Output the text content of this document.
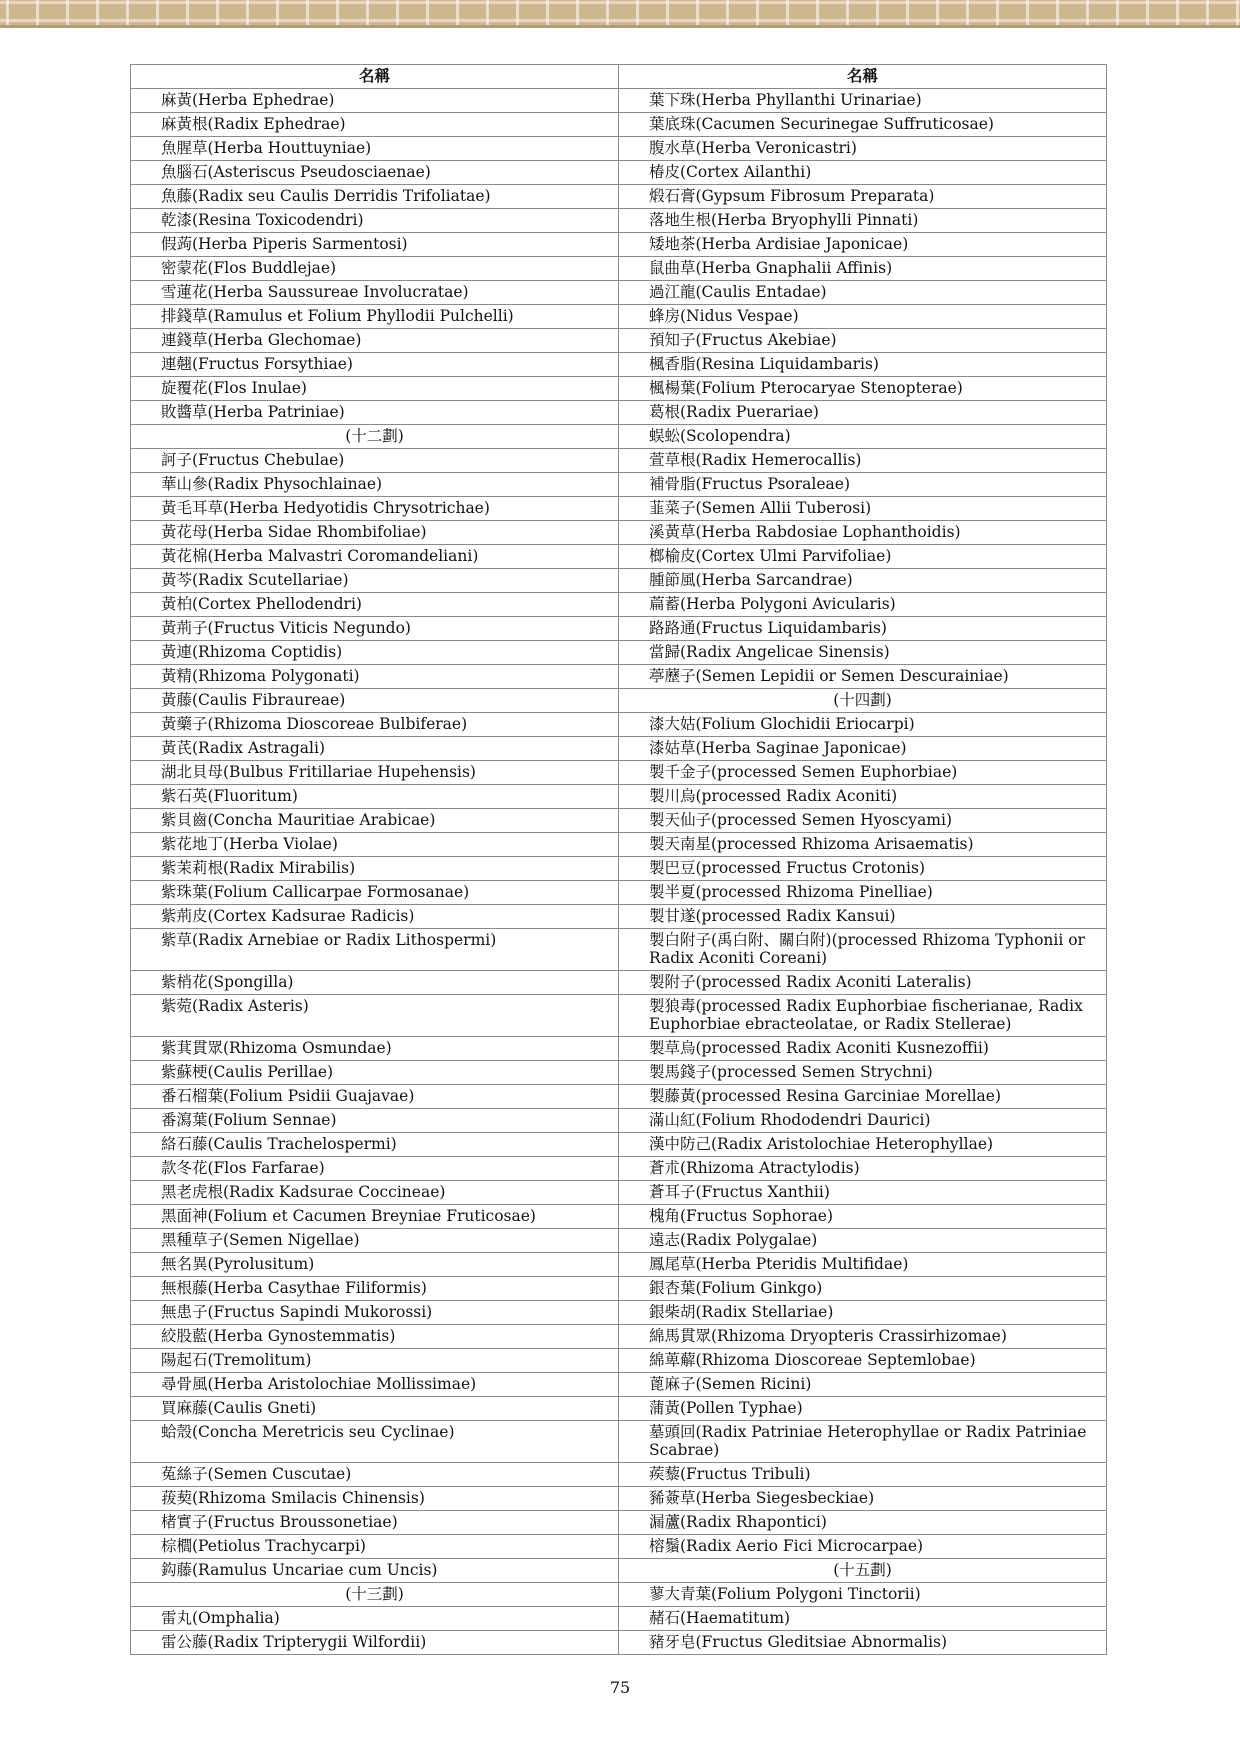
名稱	名稱
麻黃(Herba Ephedrae)	葉下珠(Herba Phyllanthi Urinariae)
麻黃根(Radix Ephedrae)	葉底珠(Cacumen Securinegae Suffruticosae)
魚腥草(Herba Houttuyniae)	腹水草(Herba Veronicastri)
魚腦石(Asteriscus Pseudosciaenae)	椿皮(Cortex Ailanthi)
魚藤(Radix seu Caulis Derridis Trifoliatae)	煅石膏(Gypsum Fibrosum Preparata)
乾漆(Resina Toxicodendri)	落地生根(Herba Bryophylli Pinnati)
假蒟(Herba Piperis Sarmentosi)	矮地茶(Herba Ardisiae Japonicae)
密蒙花(Flos Buddlejae)	鼠曲草(Herba Gnaphalii Affinis)
雪蓮花(Herba Saussureae Involucratae)	過江龍(Caulis Entadae)
排錢草(Ramulus et Folium Phyllodii Pulchelli)	蜂房(Nidus Vespae)
連錢草(Herba Glechomae)	預知子(Fructus Akebiae)
連翹(Fructus Forsythiae)	楓香脂(Resina Liquidambaris)
旋覆花(Flos Inulae)	楓楊葉(Folium Pterocaryae Stenopterae)
敗醬草(Herba Patriniae)	葛根(Radix Puerariae)
(十二劃)	蜈蚣(Scolopendra)
訶子(Fructus Chebulae)	萱草根(Radix Hemerocallis)
華山參(Radix Physochlainae)	補骨脂(Fructus Psoraleae)
黃毛耳草(Herba Hedyotidis Chrysotrichae)	韮菜子(Semen Allii Tuberosi)
黃花母(Herba Sidae Rhombifoliae)	溪黃草(Herba Rabdosiae Lophanthoidis)
黃花棉(Herba Malvastri Coromandeliani)	榔榆皮(Cortex Ulmi Parvifoliae)
黃芩(Radix Scutellariae)	腫節風(Herba Sarcandrae)
黃柏(Cortex Phellodendri)	萹蓄(Herba Polygoni Avicularis)
黃荊子(Fructus Viticis Negundo)	路路通(Fructus Liquidambaris)
黃連(Rhizoma Coptidis)	當歸(Radix Angelicae Sinensis)
黃精(Rhizoma Polygonati)	葶藶子(Semen Lepidii or Semen Descurainiae)
黃藤(Caulis Fibraureae)	(十四劃)
黃藥子(Rhizoma Dioscoreae Bulbiferae)	漆大姑(Folium Glochidii Eriocarpi)
黃芪(Radix Astragali)	漆姑草(Herba Saginae Japonicae)
湖北貝母(Bulbus Fritillariae Hupehensis)	製千金子(processed Semen Euphorbiae)
紫石英(Fluoritum)	製川烏(processed Radix Aconiti)
紫貝齒(Concha Mauritiae Arabicae)	製天仙子(processed Semen Hyoscyami)
紫花地丁(Herba Violae)	製天南星(processed Rhizoma Arisaematis)
紫茉莉根(Radix Mirabilis)	製巴豆(processed Fructus Crotonis)
紫珠葉(Folium Callicarpae Formosanae)	製半夏(processed Rhizoma Pinelliae)
紫荊皮(Cortex Kadsurae Radicis)	製甘遂(processed Radix Kansui)
紫草(Radix Arnebiae or Radix Lithospermi)	製白附子(禹白附、關白附)(processed Rhizoma Typhonii or Radix Aconiti Coreani)
紫梢花(Spongilla)	製附子(processed Radix Aconiti Lateralis)
紫菀(Radix Asteris)	製狼毒(processed Radix Euphorbiae fischerianae, Radix Euphorbiae ebracteolatae, or Radix Stellerae)
紫萁貫眾(Rhizoma Osmundae)	製草烏(processed Radix Aconiti Kusnezoffii)
紫蘇梗(Caulis Perillae)	製馬錢子(processed Semen Strychni)
番石榴葉(Folium Psidii Guajavae)	製藤黃(processed Resina Garciniae Morellae)
番瀉葉(Folium Sennae)	滿山紅(Folium Rhododendri Daurici)
絡石藤(Caulis Trachelospermi)	漢中防己(Radix Aristolochiae Heterophyllae)
款冬花(Flos Farfarae)	蒼朮(Rhizoma Atractylodis)
黑老虎根(Radix Kadsurae Coccineae)	蒼耳子(Fructus Xanthii)
黑面神(Folium et Cacumen Breyniae Fruticosae)	槐角(Fructus Sophorae)
黑種草子(Semen Nigellae)	遠志(Radix Polygalae)
無名異(Pyrolusitum)	鳳尾草(Herba Pteridis Multifidae)
無根藤(Herba Casythae Filiformis)	銀杏葉(Folium Ginkgo)
無患子(Fructus Sapindi Mukorossi)	銀柴胡(Radix Stellariae)
絞股藍(Herba Gynostemmatis)	綿馬貫眾(Rhizoma Dryopteris Crassirhizomae)
陽起石(Tremolitum)	綿萆薢(Rhizoma Dioscoreae Septemlobae)
尋骨風(Herba Aristolochiae Mollissimae)	蓖麻子(Semen Ricini)
買麻藤(Caulis Gneti)	蒲黃(Pollen Typhae)
蛤殼(Concha Meretricis seu Cyclinae)	墓頭回(Radix Patriniae Heterophyllae or Radix Patriniae Scabrae)
菟絲子(Semen Cuscutae)	蒺藜(Fructus Tribuli)
菝葜(Rhizoma Smilacis Chinensis)	豨薟草(Herba Siegesbeckiae)
楮實子(Fructus Broussonetiae)	漏蘆(Radix Rhapontici)
棕櫚(Petiolus Trachycarpi)	榕鬚(Radix Aerio Fici Microcarpae)
鈎藤(Ramulus Uncariae cum Uncis)	(十五劃)
(十三劃)	蓼大青葉(Folium Polygoni Tinctorii)
雷丸(Omphalia)	赭石(Haematitum)
雷公藤(Radix Tripterygii Wilfordii)	豬牙皂(Fructus Gleditsiae Abnormalis)
75
